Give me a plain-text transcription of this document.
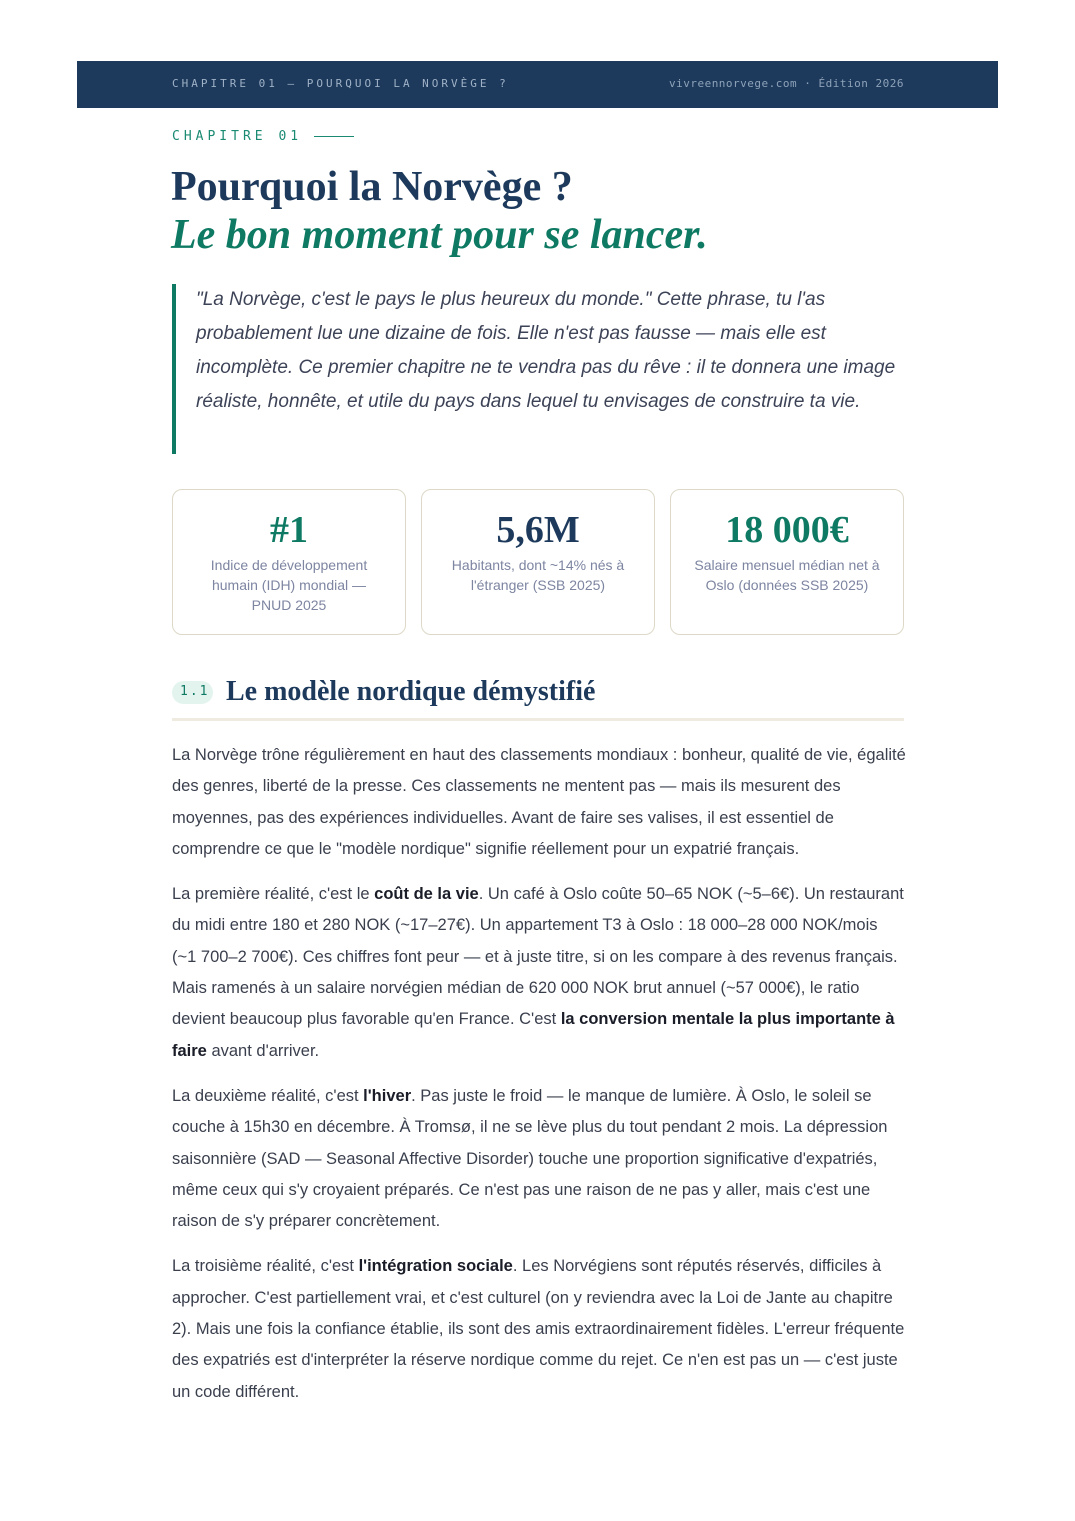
CHAPITRE 01 — POURQUOI LA NORVÈGE ?	vivreennorvege.com · Édition 2026
CHAPITRE 01
Pourquoi la Norvège ?
Le bon moment pour se lancer.

"La Norvège, c'est le pays le plus heureux du monde." Cette phrase, tu l'as probablement lue une dizaine de fois. Elle n'est pas fausse — mais elle est incomplète. Ce premier chapitre ne te vendra pas du rêve : il te donnera une image réaliste, honnête, et utile du pays dans lequel tu envisages de construire ta vie.

#1
Indice de développement humain (IDH) mondial — PNUD 2025
5,6M
Habitants, dont ~14% nés à l'étranger (SSB 2025)
18 000€
Salaire mensuel médian net à Oslo (données SSB 2025)
1.1 Le modèle nordique démystifié

La Norvège trône régulièrement en haut des classements mondiaux : bonheur, qualité de vie, égalité des genres, liberté de la presse. Ces classements ne mentent pas — mais ils mesurent des moyennes, pas des expériences individuelles. Avant de faire ses valises, il est essentiel de comprendre ce que le "modèle nordique" signifie réellement pour un expatrié français.

La première réalité, c'est le coût de la vie. Un café à Oslo coûte 50–65 NOK (~5–6€). Un restaurant du midi entre 180 et 280 NOK (~17–27€). Un appartement T3 à Oslo : 18 000–28 000 NOK/mois (~1 700–2 700€). Ces chiffres font peur — et à juste titre, si on les compare à des revenus français. Mais ramenés à un salaire norvégien médian de 620 000 NOK brut annuel (~57 000€), le ratio devient beaucoup plus favorable qu'en France. C'est la conversion mentale la plus importante à faire avant d'arriver.

La deuxième réalité, c'est l'hiver. Pas juste le froid — le manque de lumière. À Oslo, le soleil se couche à 15h30 en décembre. À Tromsø, il ne se lève plus du tout pendant 2 mois. La dépression saisonnière (SAD — Seasonal Affective Disorder) touche une proportion significative d'expatriés, même ceux qui s'y croyaient préparés. Ce n'est pas une raison de ne pas y aller, mais c'est une raison de s'y préparer concrètement.

La troisième réalité, c'est l'intégration sociale. Les Norvégiens sont réputés réservés, difficiles à approcher. C'est partiellement vrai, et c'est culturel (on y reviendra avec la Loi de Jante au chapitre 2). Mais une fois la confiance établie, ils sont des amis extraordinairement fidèles. L'erreur fréquente des expatriés est d'interpréter la réserve nordique comme du rejet. Ce n'en est pas un — c'est juste un code différent.
